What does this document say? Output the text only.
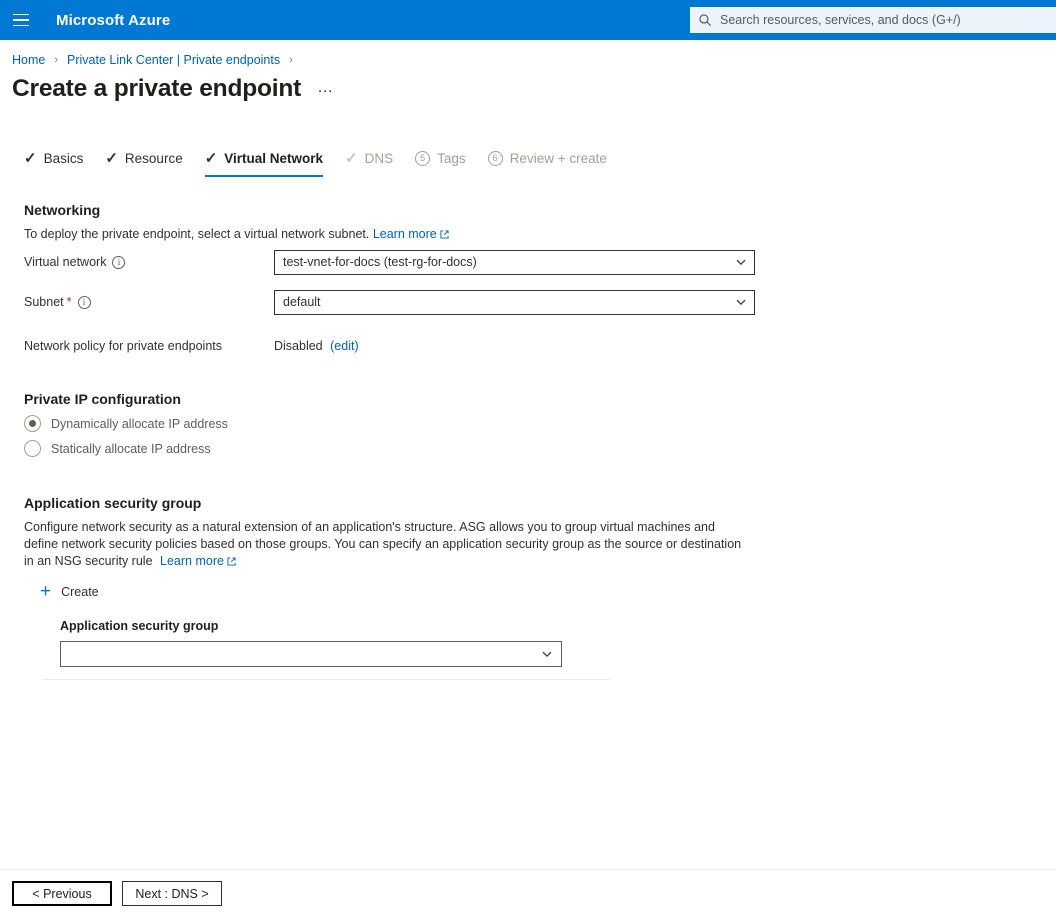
Microsoft Azure
Search resources, services, and docs (G+/)
Home › Private Link Center | Private endpoints ›
Create a private endpoint …
✓ Basics ✓ Resource ✓ Virtual Network ✓ DNS	5 Tags	6 Review + create
Networking
To deploy the private endpoint, select a virtual network subnet. Learn more
Virtual network	i	test-vnet-for-docs (test-rg-for-docs)
Subnet *	i	default
Network policy for private endpoints	Disabled (edit)
Private IP configuration
Dynamically allocate IP address
Statically allocate IP address
Application security group
Configure network security as a natural extension of an application's structure. ASG allows you to group virtual machines and define network security policies based on those groups. You can specify an application security group as the source or destination in an NSG security rule Learn more
+ Create
Application security group
< Previous	Next : DNS >
